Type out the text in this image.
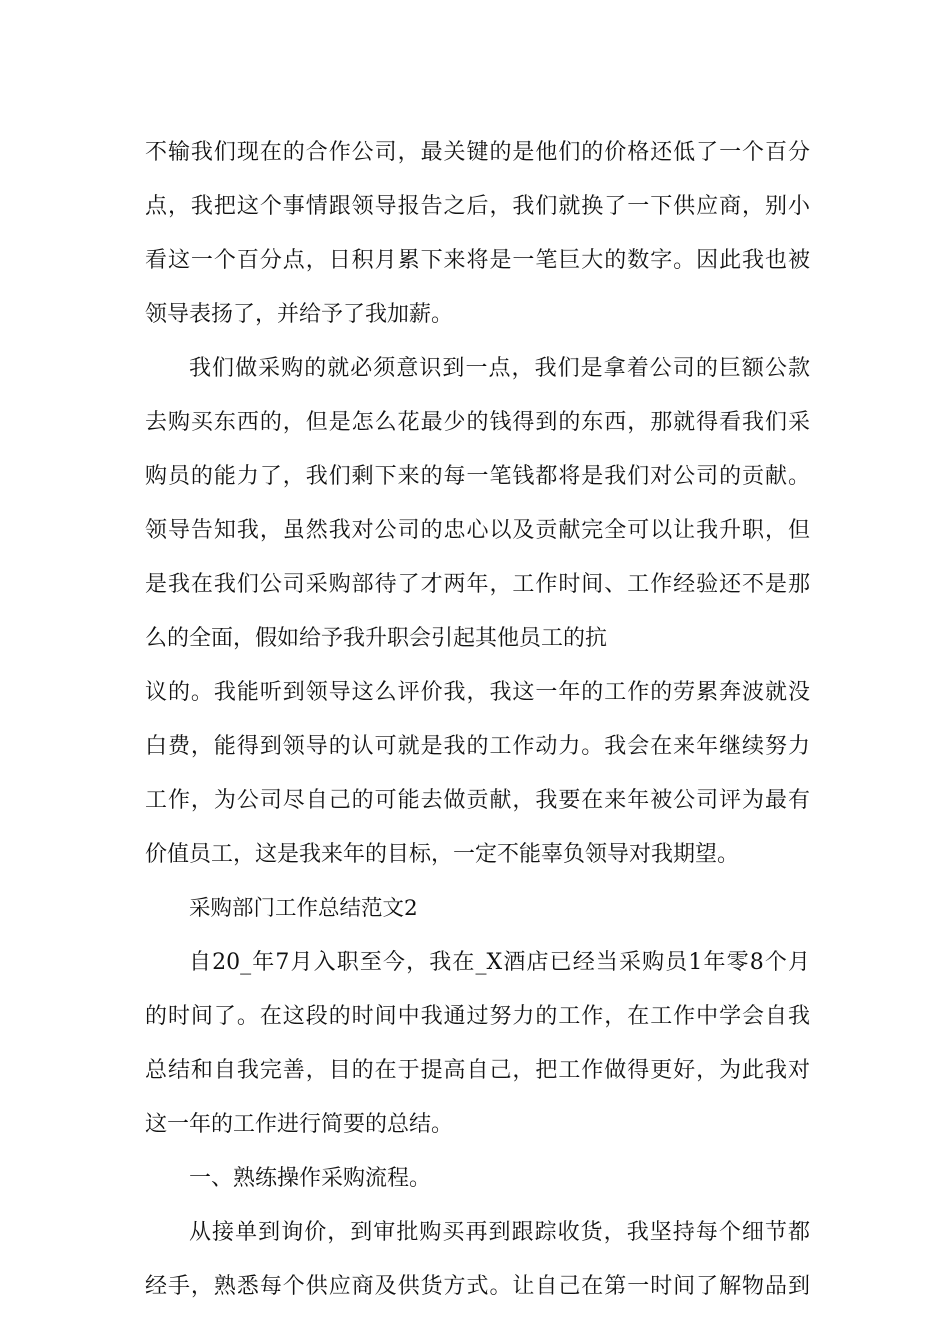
不输我们现在的合作公司，最关键的是他们的价格还低了一个百分
点，我把这个事情跟领导报告之后，我们就换了一下供应商，别小
看这一个百分点，日积月累下来将是一笔巨大的数字。因此我也被
领导表扬了，并给予了我加薪。
我们做采购的就必须意识到一点，我们是拿着公司的巨额公款
去购买东西的，但是怎么花最少的钱得到的东西，那就得看我们采
购员的能力了，我们剩下来的每一笔钱都将是我们对公司的贡献。
领导告知我，虽然我对公司的忠心以及贡献完全可以让我升职，但
是我在我们公司采购部待了才两年，工作时间、工作经验还不是那
么的全面，假如给予我升职会引起其他员工的抗
议的。我能听到领导这么评价我，我这一年的工作的劳累奔波就没
白费，能得到领导的认可就是我的工作动力。我会在来年继续努力
工作，为公司尽自己的可能去做贡献，我要在来年被公司评为最有
价值员工，这是我来年的目标，一定不能辜负领导对我期望。
采购部门工作总结范文2
自20_年7月入职至今，我在_X酒店已经当采购员1年零8个月
的时间了。在这段的时间中我通过努力的工作，在工作中学会自我
总结和自我完善，目的在于提高自己，把工作做得更好，为此我对
这一年的工作进行简要的总结。
一、熟练操作采购流程。
从接单到询价，到审批购买再到跟踪收货，我坚持每个细节都
经手，熟悉每个供应商及供货方式。让自己在第一时间了解物品到
